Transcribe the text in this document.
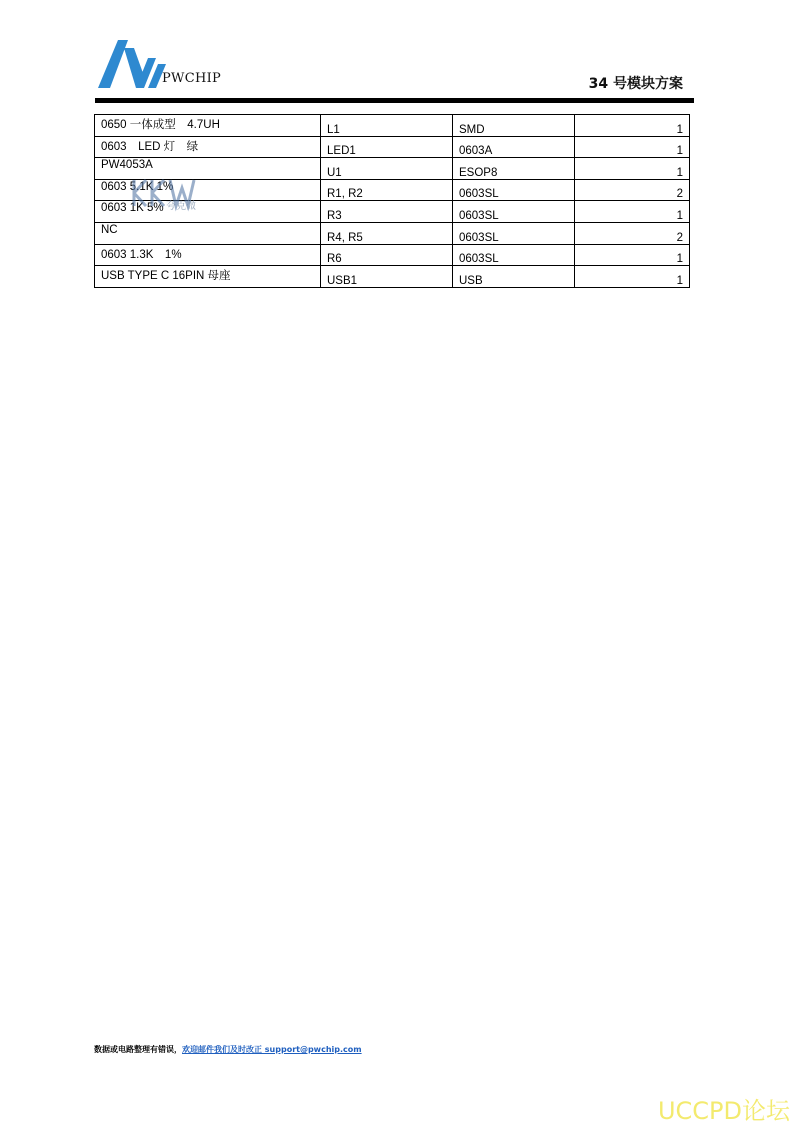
PWCHIP	34 号模块方案
0650 一体成型　4.7UH	L1	SMD	1
0603　LED 灯　绿	LED1	0603A	1
PW4053A	U1	ESOP8	1
0603 5.1K 1%	R1, R2	0603SL	2
0603 1K 5%	R3	0603SL	1
NC	R4, R5	0603SL	2
0603 1.3K　1%	R6	0603SL	1
USB TYPE C 16PIN 母座	USB1	USB	1
夸克微
数据或电路整理有错误，欢迎邮件我们及时改正 support@pwchip.com
UCCPD论坛
